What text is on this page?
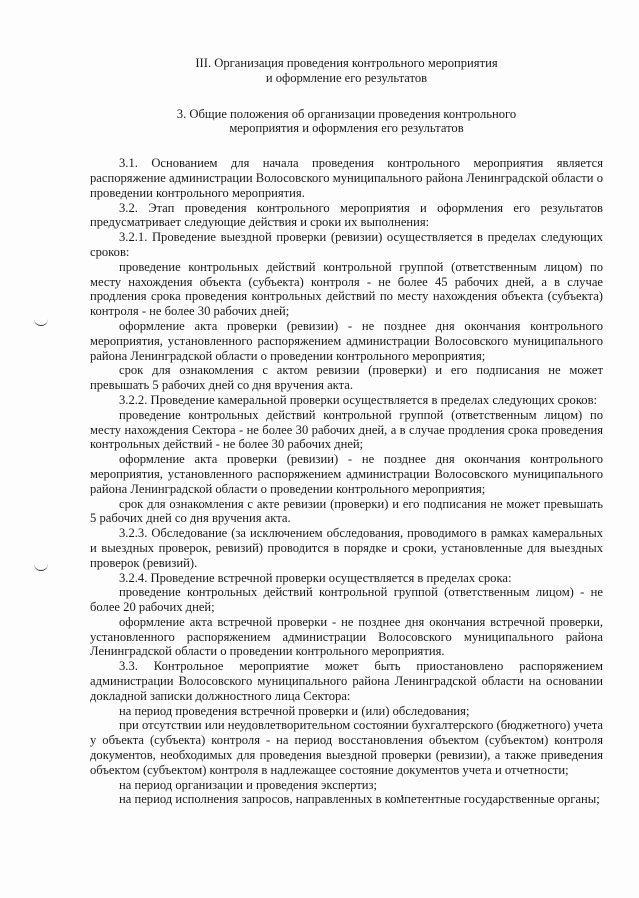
III. Организация проведения контрольного мероприятия

и оформление его результатов

3. Общие положения об организации проведения контрольного
мероприятия и оформления его результатов

3.1. Основанием для начала проведения контрольного мероприятия является распоряжение администрации Волосовского муниципального района Ленинградской области о проведении контрольного мероприятия.

3.2. Этап проведения контрольного мероприятия и оформления его результатов предусматривает следующие действия и сроки их выполнения:

3.2.1. Проведение выездной проверки (ревизии) осуществляется в пределах следующих сроков:

проведение контрольных действий контрольной группой (ответственным лицом) по месту нахождения объекта (субъекта) контроля - не более 45 рабочих дней, а в случае продления срока проведения контрольных действий по месту нахождения объекта (субъекта) контроля - не более 30 рабочих дней;

оформление акта проверки (ревизии) - не позднее дня окончания контрольного мероприятия, установленного распоряжением администрации Волосовского муниципального района Ленинградской области о проведении контрольного мероприятия;

срок для ознакомления с актом ревизии (проверки) и его подписания не может превышать 5 рабочих дней со дня вручения акта.

3.2.2. Проведение камеральной проверки осуществляется в пределах следующих сроков:

проведение контрольных действий контрольной группой (ответственным лицом) по месту нахождения Сектора - не более 30 рабочих дней, а в случае продления срока проведения контрольных действий - не более 30 рабочих дней;

оформление акта проверки (ревизии) - не позднее дня окончания контрольного мероприятия, установленного распоряжением администрации Волосовского муниципального района Ленинградской области о проведении контрольного мероприятия;

срок для ознакомления с акте ревизии (проверки) и его подписания не может превышать 5 рабочих дней со дня вручения акта.

3.2.3. Обследование (за исключением обследования, проводимого в рамках камеральных и выездных проверок, ревизий) проводится в порядке и сроки, установленные для выездных проверок (ревизий).

3.2.4. Проведение встречной проверки осуществляется в пределах срока:

проведение контрольных действий контрольной группой (ответственным лицом) - не более 20 рабочих дней;

оформление акта встречной проверки - не позднее дня окончания встречной проверки, установленного распоряжением администрации Волосовского муниципального района Ленинградской области о проведении контрольного мероприятия.

3.3. Контрольное мероприятие может быть приостановлено распоряжением администрации Волосовского муниципального района Ленинградской области на основании докладной записки должностного лица Сектора:

на период проведения встречной проверки и (или) обследования;

при отсутствии или неудовлетворительном состоянии бухгалтерского (бюджетного) учета у объекта (субъекта) контроля - на период восстановления объектом (субъектом) контроля документов, необходимых для проведения выездной проверки (ревизии), а также приведения объектом (субъектом) контроля в надлежащее состояние документов учета и отчетности;

на период организации и проведения экспертиз;

на период исполнения запросов, направленных в компетентные государственные органы;
